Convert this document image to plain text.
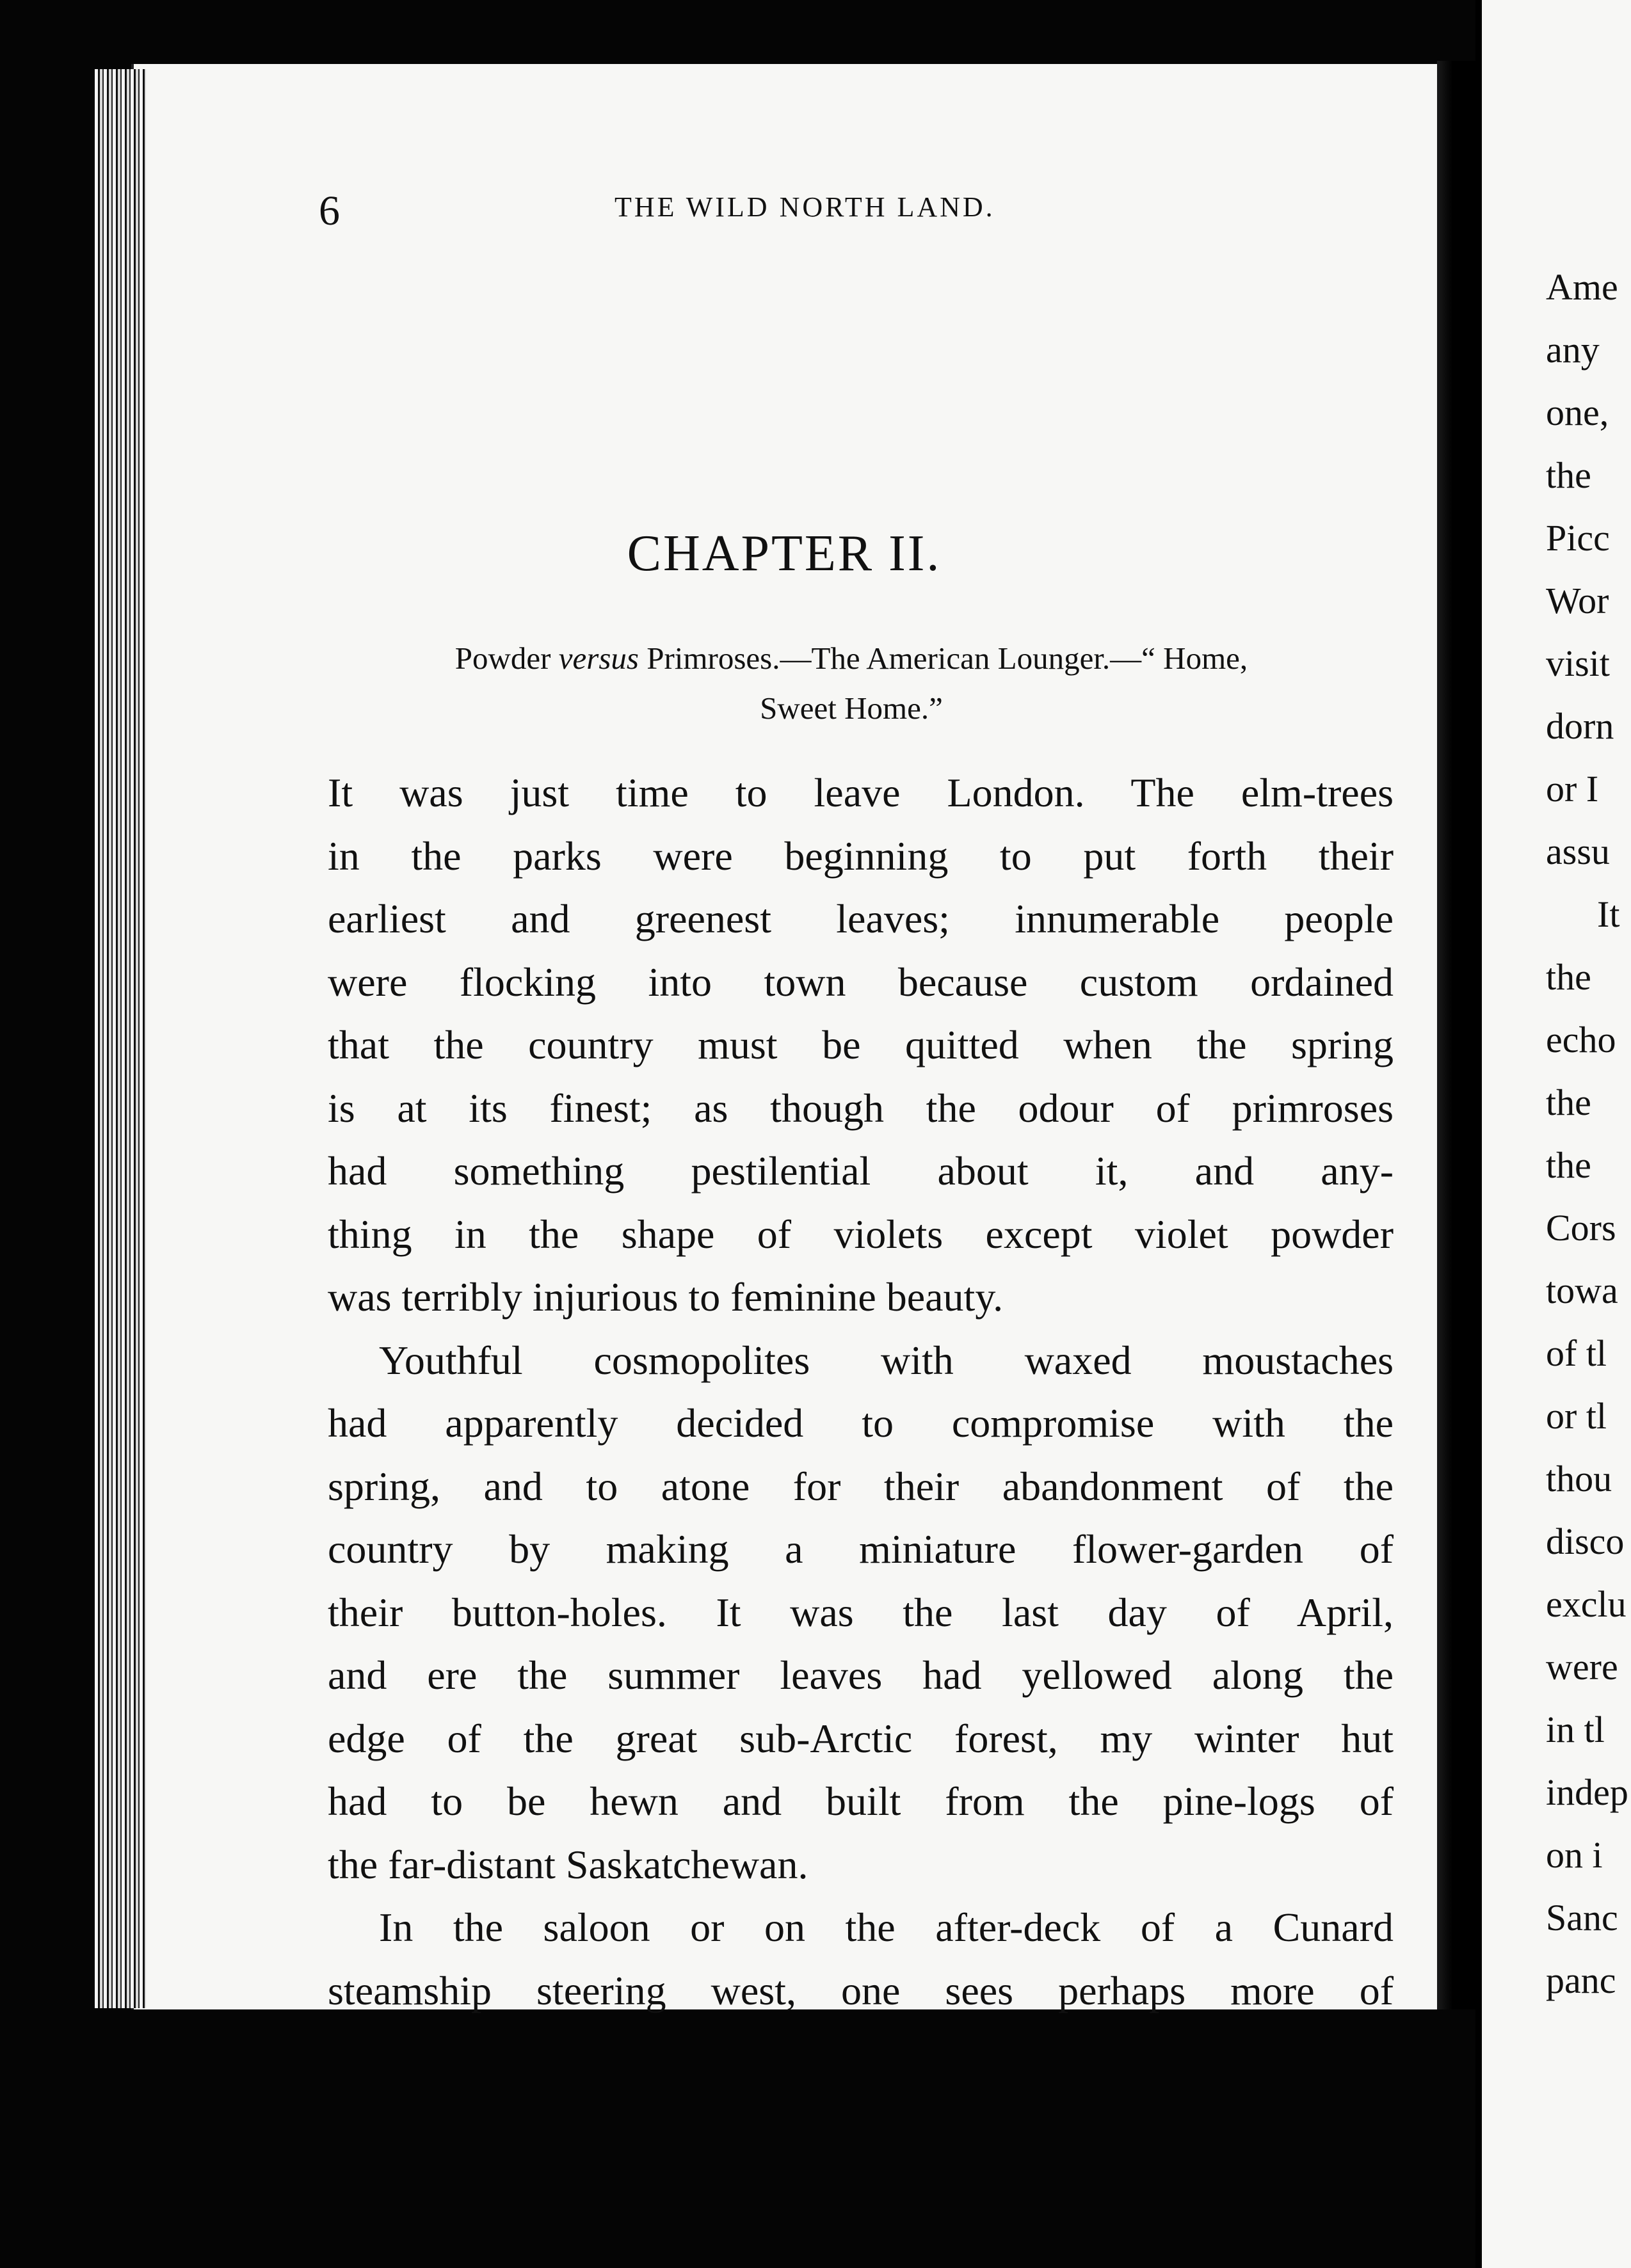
6	THE WILD NORTH LAND.
CHAPTER II.
Powder versus Primroses.—The American Lounger.—“ Home,
Sweet Home.”
It was just time to leave London. The elm-trees
in the parks were beginning to put forth their
earliest and greenest leaves; innumerable people
were flocking into town because custom ordained
that the country must be quitted when the spring
is at its finest; as though the odour of primroses
had something pestilential about it, and any-
thing in the shape of violets except violet powder
was terribly injurious to feminine beauty.
Youthful cosmopolites with waxed moustaches
had apparently decided to compromise with the
spring, and to atone for their abandonment of the
country by making a miniature flower-garden of
their button-holes. It was the last day of April,
and ere the summer leaves had yellowed along the
edge of the great sub-Arctic forest, my winter hut
had to be hewn and built from the pine-logs of
the far-distant Saskatchewan.
In the saloon or on the after-deck of a Cunard
steamship steering west, one sees perhaps more of
Ame
any
one,
the
Picc
Wor
visit
dorn
or I
assu
It
the
echo
the
the
Cors
towa
of tl
or tl
thou
disco
exclu
were
in tl
indep
on i
Sanc
panc
